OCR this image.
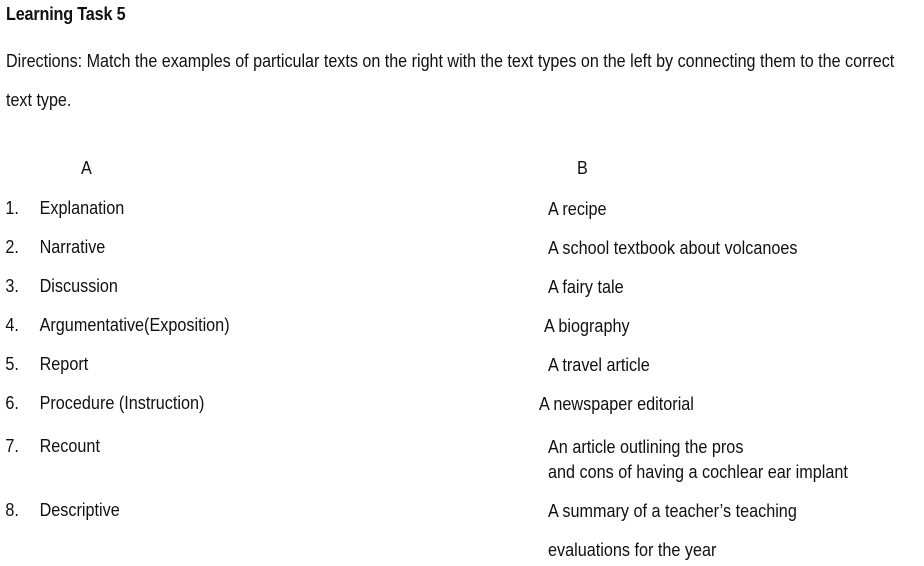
Learning Task 5
Directions: Match the examples of particular texts on the right with the text types on the left by connecting them to the correct text type.
A	B
1. Explanation
2. Narrative
3. Discussion
4. Argumentative(Exposition)
5. Report
6. Procedure (Instruction)
7. Recount
8. Descriptive
A recipe
A school textbook about volcanoes
A fairy tale
A biography
A travel article
A newspaper editorial
An article outlining the pros
and cons of having a cochlear ear implant
A summary of a teacher’s teaching
evaluations for the year
